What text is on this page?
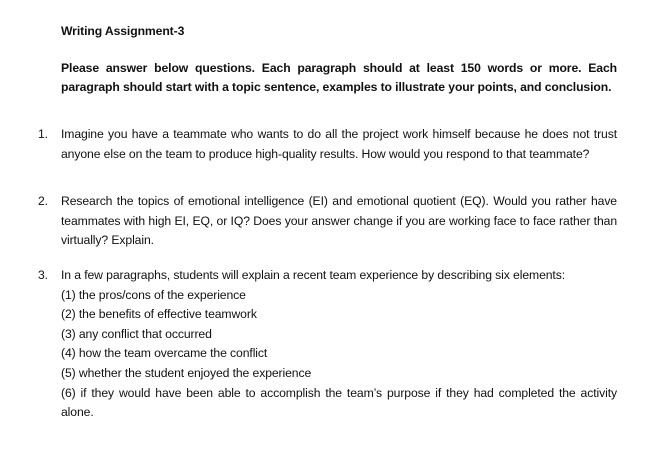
Writing Assignment-3
Please answer below questions. Each paragraph should at least 150 words or more. Each paragraph should start with a topic sentence, examples to illustrate your points, and conclusion.
1.	Imagine you have a teammate who wants to do all the project work himself because he does not trust anyone else on the team to produce high-quality results. How would you respond to that teammate?
2.	Research the topics of emotional intelligence (EI) and emotional quotient (EQ). Would you rather have teammates with high EI, EQ, or IQ? Does your answer change if you are working face to face rather than virtually? Explain.
3.	In a few paragraphs, students will explain a recent team experience by describing six elements:
(1) the pros/cons of the experience
(2) the benefits of effective teamwork
(3) any conflict that occurred
(4) how the team overcame the conflict
(5) whether the student enjoyed the experience
(6) if they would have been able to accomplish the team’s purpose if they had completed the activity alone.
